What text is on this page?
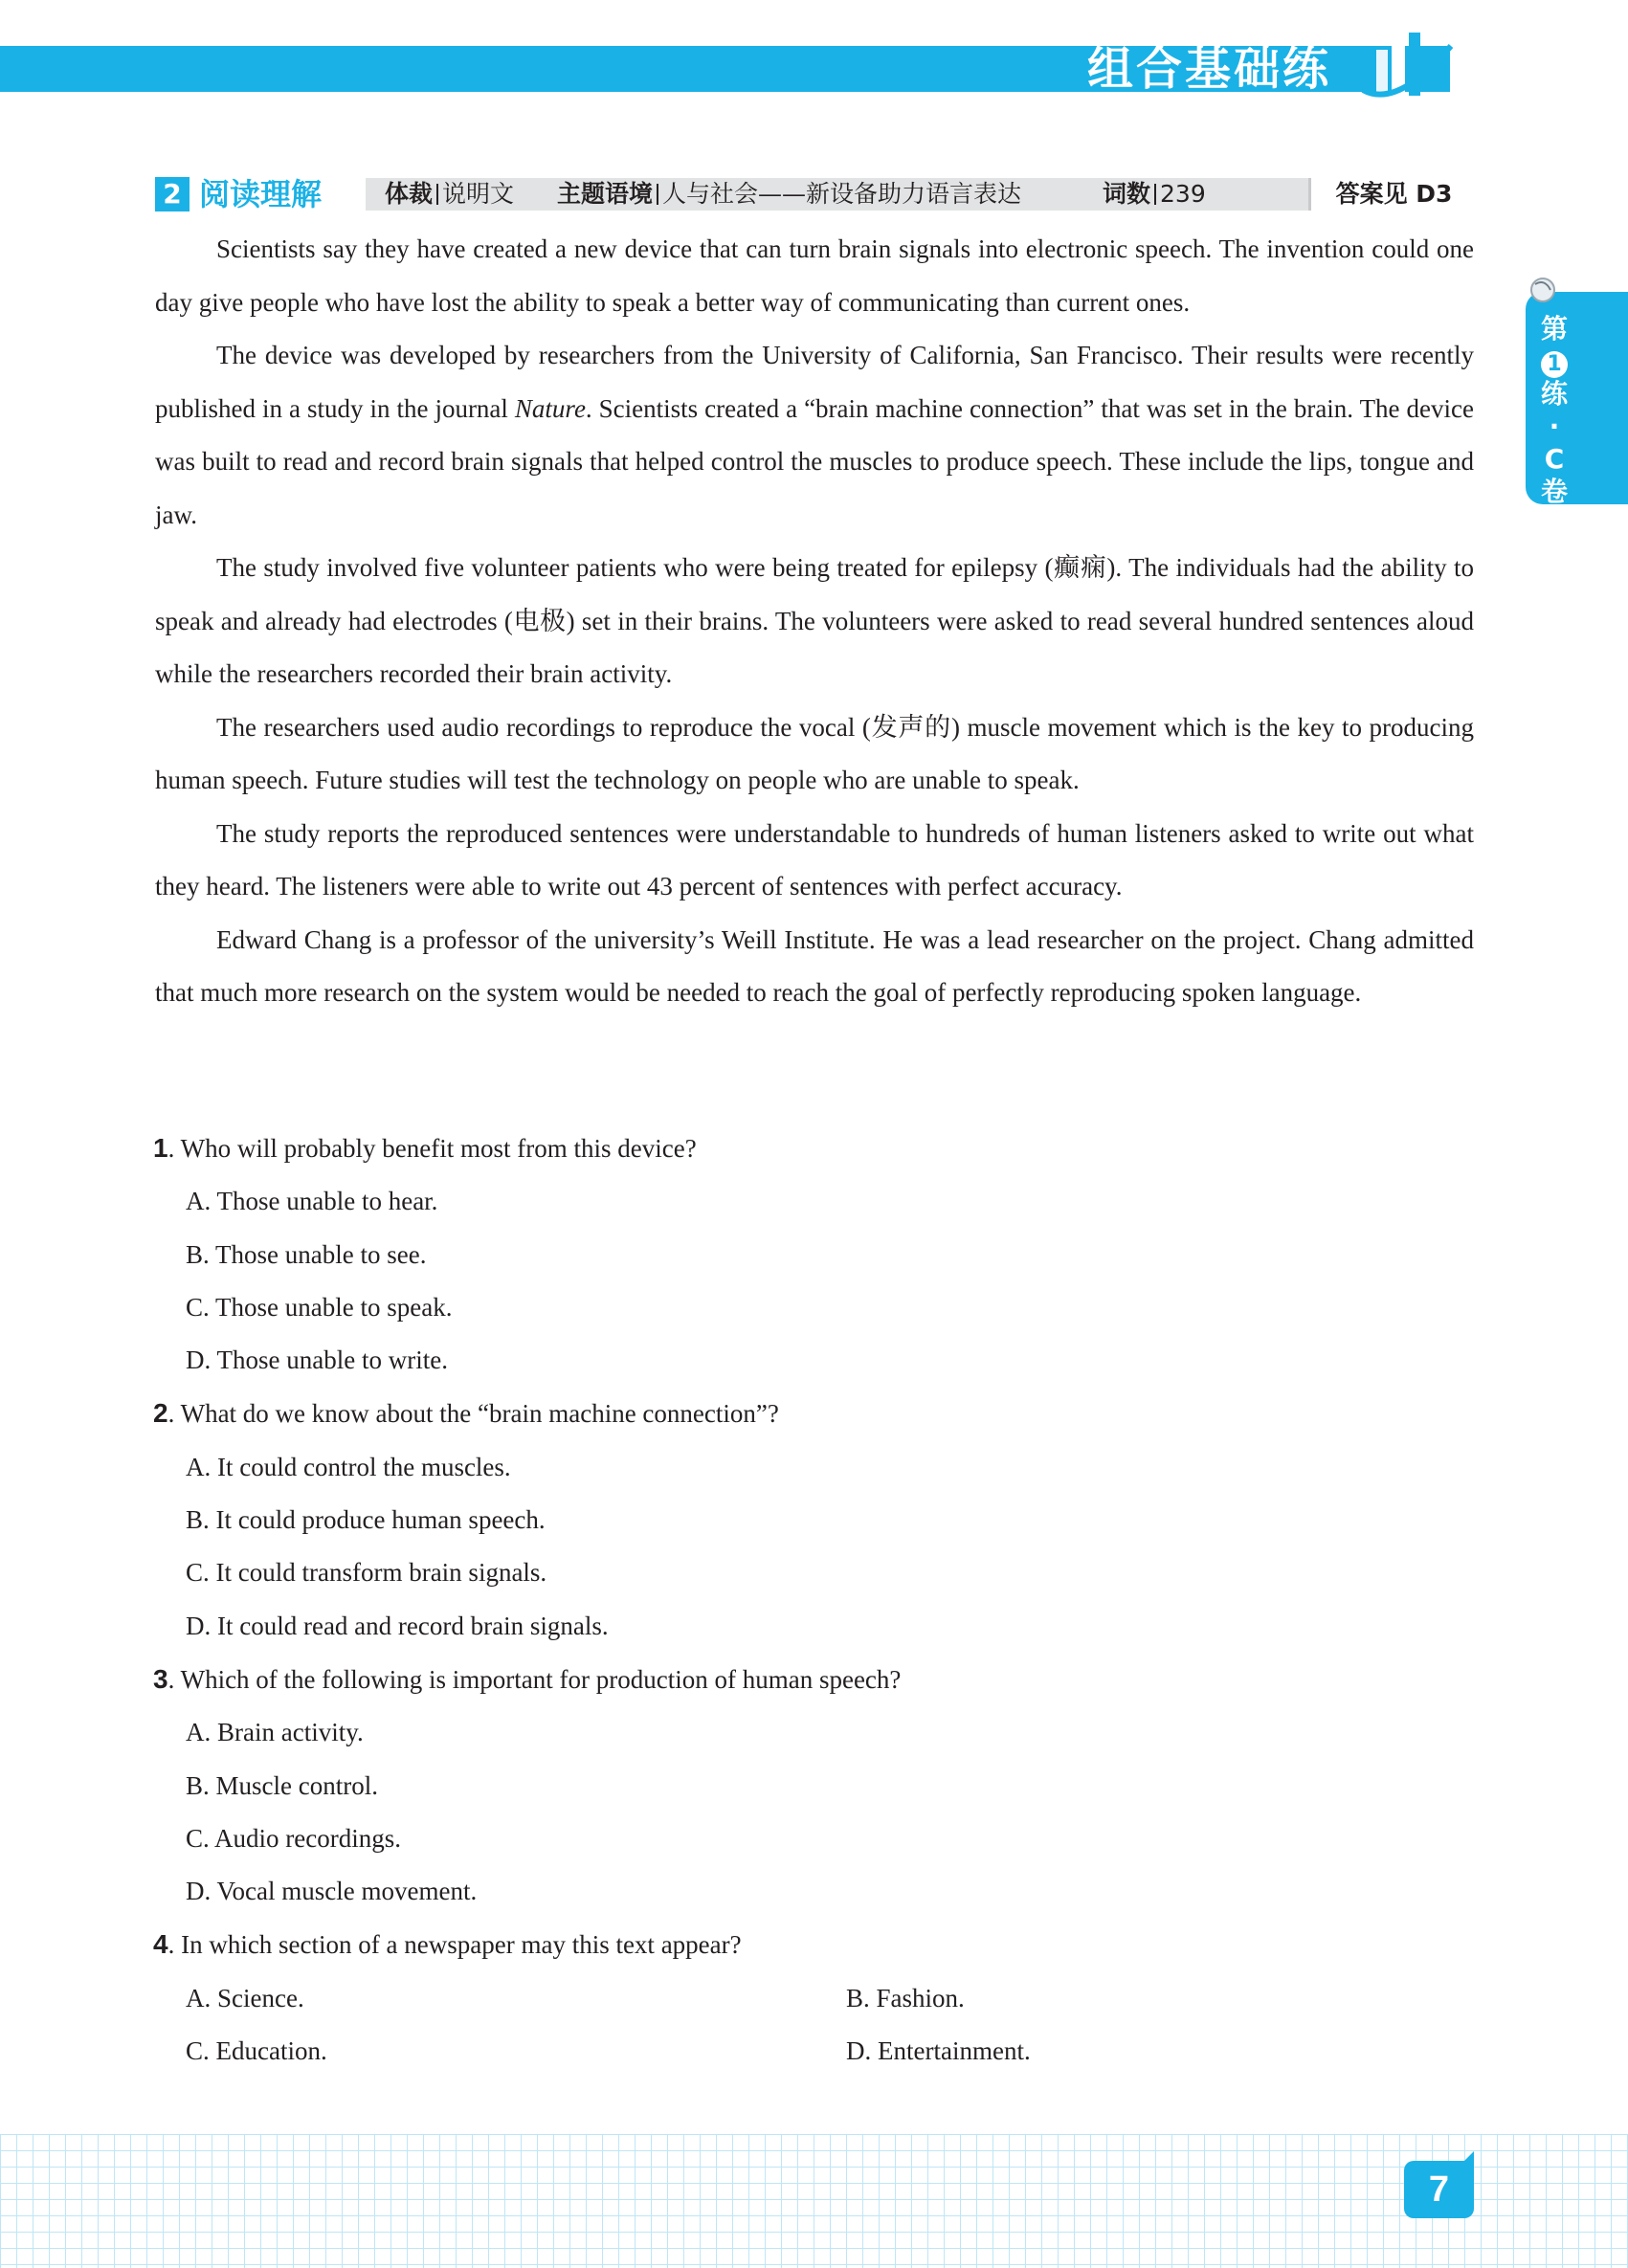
组合基础练
2 阅读理解	体裁 说明文 主题语境 人与社会——新设备助力语言表达	词数 239	答案见 D3

Scientists say they have created a new device that can turn brain signals into electronic speech. The invention could one day give people who have lost the ability to speak a better way of communicating than current ones.

The device was developed by researchers from the University of California, San Francisco. Their results were recently published in a study in the journal Nature. Scientists created a “brain machine connection” that was set in the brain. The device was built to read and record brain signals that helped control the muscles to produce speech. These include the lips, tongue and jaw.

The study involved five volunteer patients who were being treated for epilepsy (癫痫). The individuals had the ability to speak and already had electrodes (电极) set in their brains. The volunteers were asked to read several hundred sentences aloud while the researchers recorded their brain activity.

The researchers used audio recordings to reproduce the vocal (发声的) muscle movement which is the key to producing human speech. Future studies will test the technology on people who are unable to speak.

The study reports the reproduced sentences were understandable to hundreds of human listeners asked to write out what they heard. The listeners were able to write out 43 percent of sentences with perfect accuracy.

Edward Chang is a professor of the university’s Weill Institute. He was a lead researcher on the project. Chang admitted that much more research on the system would be needed to reach the goal of perfectly reproducing spoken language.

1. Who will probably benefit most from this device?

A. Those unable to hear.

B. Those unable to see.

C. Those unable to speak.

D. Those unable to write.

2. What do we know about the “brain machine connection”?

A. It could control the muscles.

B. It could produce human speech.

C. It could transform brain signals.

D. It could read and record brain signals.

3. Which of the following is important for production of human speech?

A. Brain activity.

B. Muscle control.

C. Audio recordings.

D. Vocal muscle movement.

4. In which section of a newspaper may this text appear?

A. Science.	B. Fashion.

C. Education.	D. Entertainment.

第
1
练
·
C
卷
7
